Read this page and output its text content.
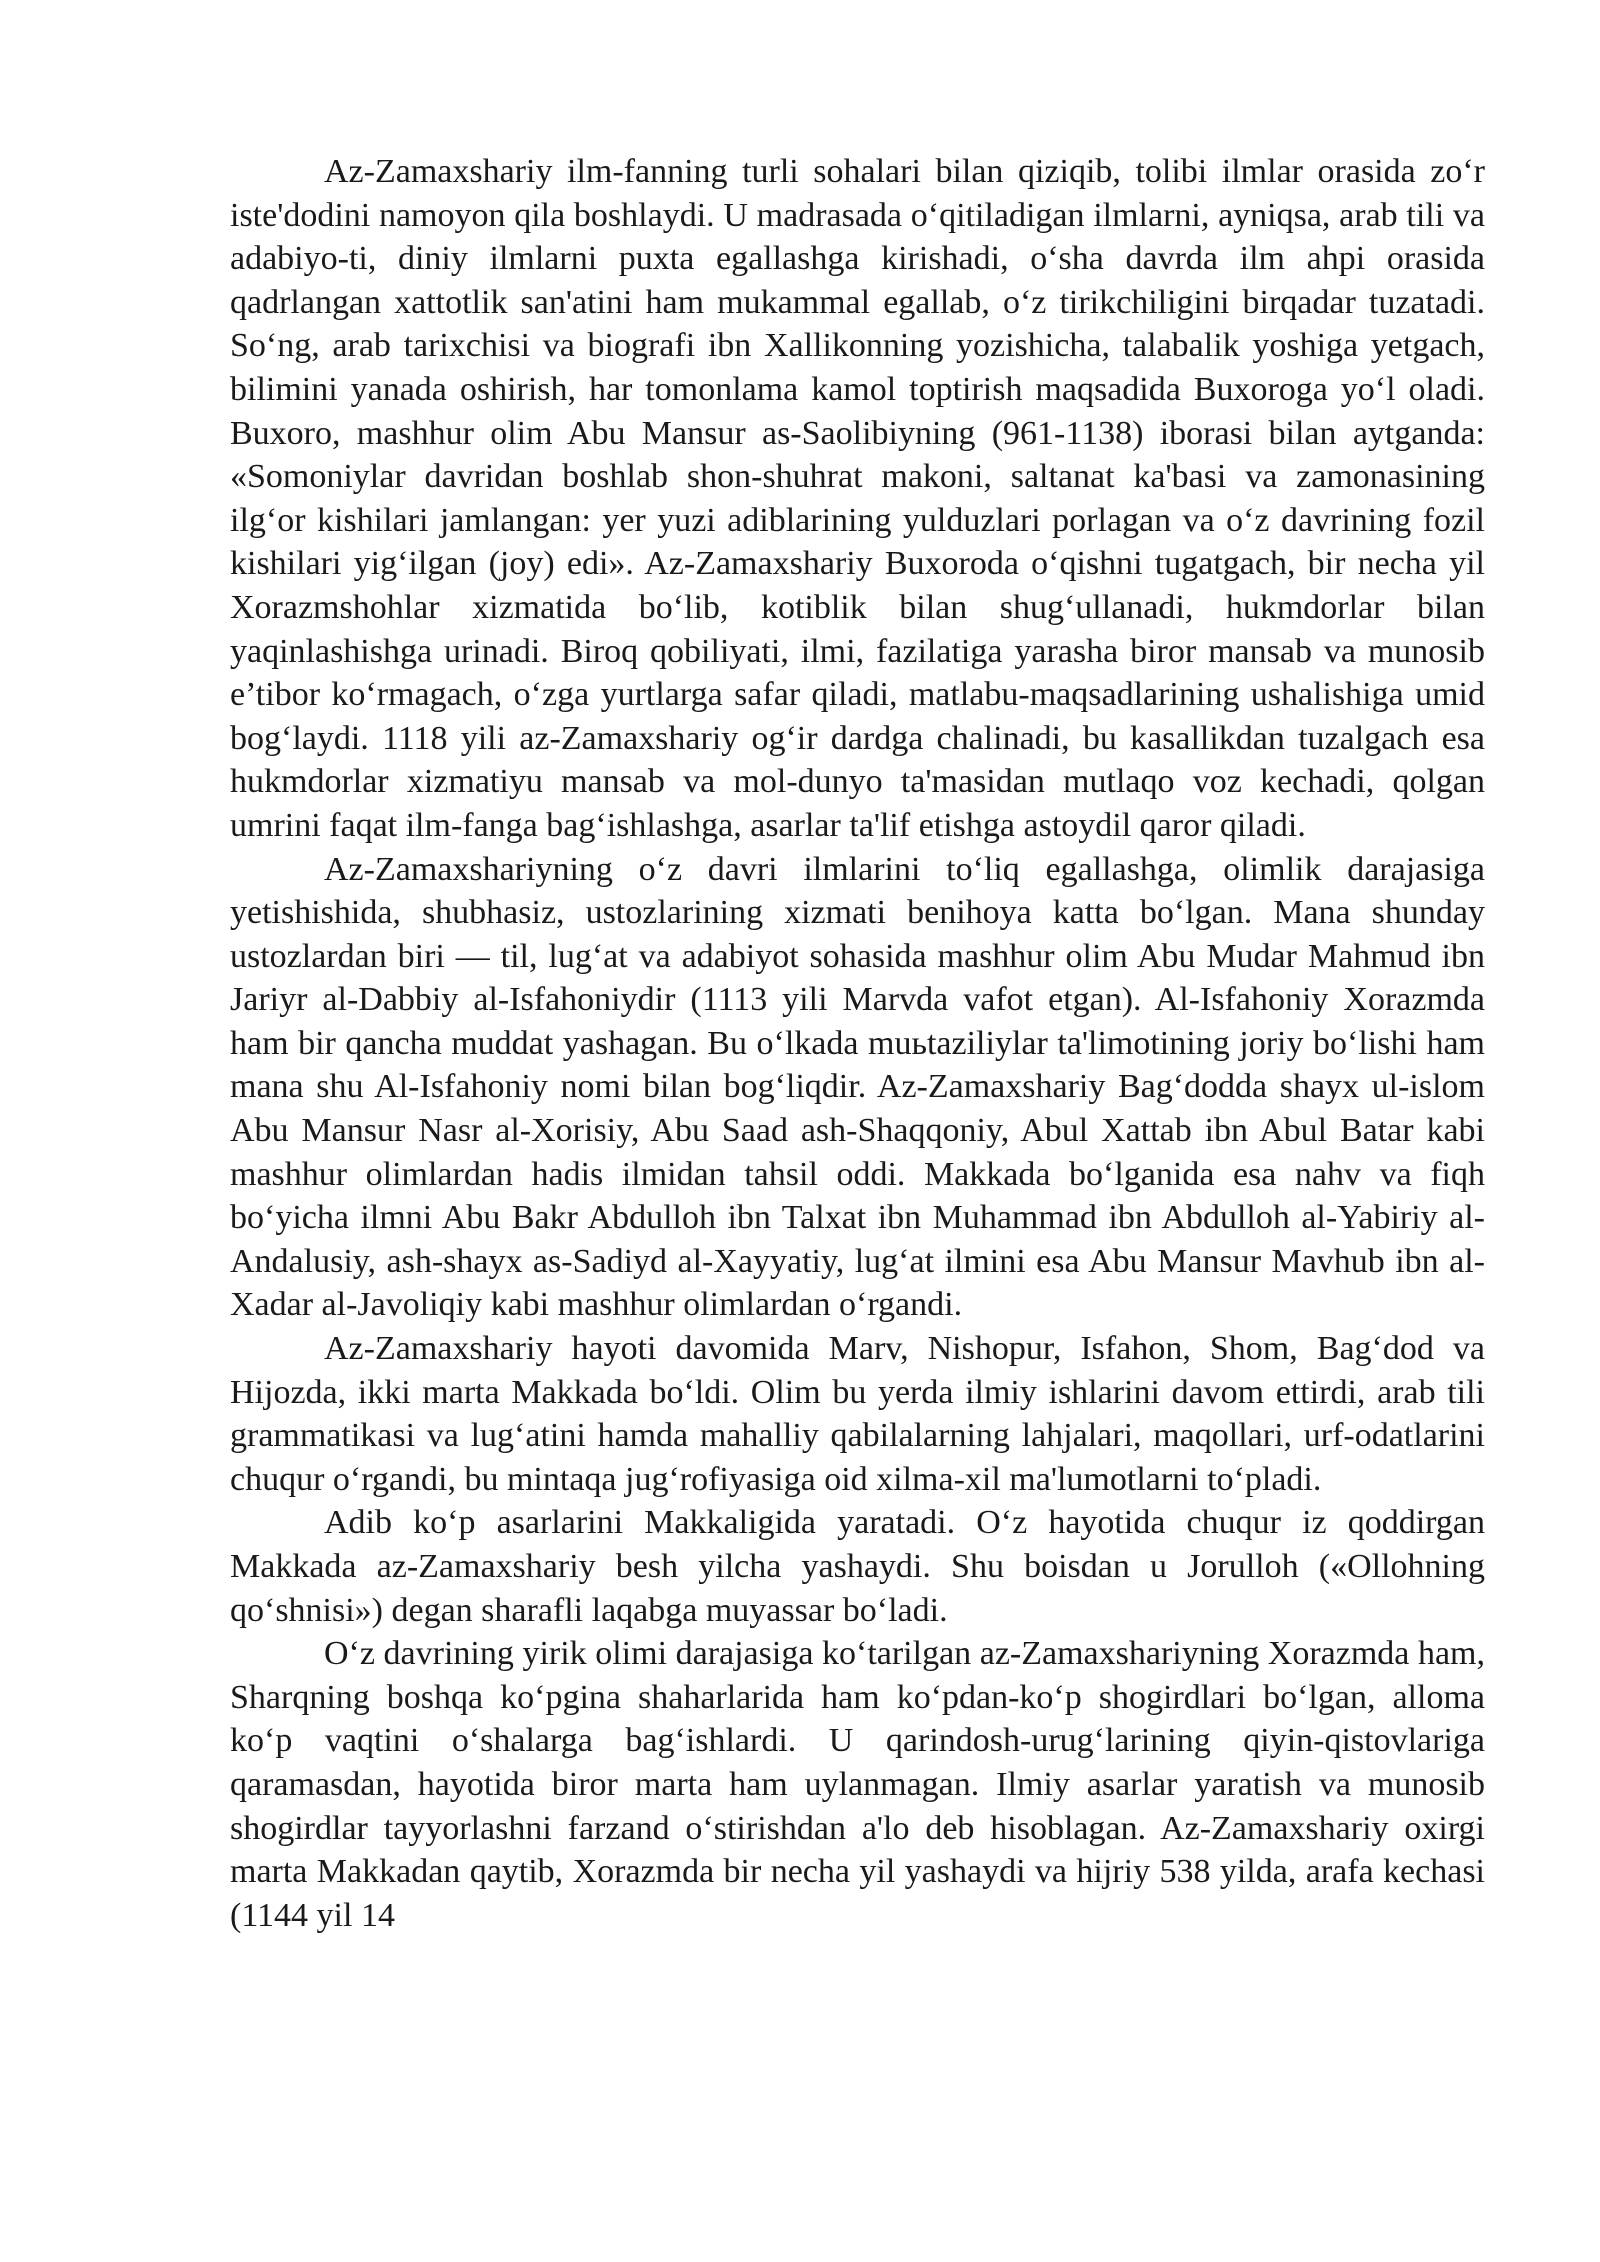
Az-Zamaxshariy ilm-fanning turli sohalari bilan qiziqib, tolibi ilmlar orasida zo‘r iste'dodini namoyon qila boshlaydi. U madrasada o‘qitiladigan ilmlarni, ayniqsa, arab tili va adabiyo-ti, diniy ilmlarni puxta egallashga kirishadi, o‘sha davrda ilm ahpi orasida qadrlangan xattotlik san'atini ham mukammal egallab, o‘z tirikchiligini birqadar tuzatadi. So‘ng, arab tarixchisi va biografi ibn Xallikonning yozishicha, talabalik yoshiga yetgach, bilimini yanada oshirish, har tomonlama kamol toptirish maqsadida Buxoroga yo‘l oladi. Buxoro, mashhur olim Abu Mansur as-Saolibiyning (961-1138) iborasi bilan aytganda: «Somoniylar davridan boshlab shon-shuhrat makoni, saltanat ka'basi va zamonasining ilg‘or kishilari jamlangan: yer yuzi adiblarining yulduzlari porlagan va o‘z davrining fozil kishilari yig‘ilgan (joy) edi». Az-Zamaxshariy Buxoroda o‘qishni tugatgach, bir necha yil Xorazmshohlar xizmatida bo‘lib, kotiblik bilan shug‘ullanadi, hukmdorlar bilan yaqinlashishga urinadi. Biroq qobiliyati, ilmi, fazilatiga yarasha biror mansab va munosib e’tibor ko‘rmagach, o‘zga yurtlarga safar qiladi, matlabu-maqsadlarining ushalishiga umid bog‘laydi. 1118 yili az-Zamaxshariy og‘ir dardga chalinadi, bu kasallikdan tuzalgach esa hukmdorlar xizmatiyu mansab va mol-dunyo ta'masidan mutlaqo voz kechadi, qolgan umrini faqat ilm-fanga bag‘ishlashga, asarlar ta'lif etishga astoydil qaror qiladi.

Az-Zamaxshariyning o‘z davri ilmlarini to‘liq egallashga, olimlik darajasiga yetishishida, shubhasiz, ustozlarining xizmati benihoya katta bo‘lgan. Mana shunday ustozlardan biri — til, lug‘at va adabiyot sohasida mashhur olim Abu Mudar Mahmud ibn Jariyr al-Dabbiy al-Isfahoniydir (1113 yili Marvda vafot etgan). Al-Isfahoniy Xorazmda ham bir qancha muddat yashagan. Bu o‘lkada muьtaziliylar ta'limotining joriy bo‘lishi ham mana shu Al-Isfahoniy nomi bilan bog‘liqdir. Az-Zamaxshariy Bag‘dodda shayx ul-islom Abu Mansur Nasr al-Xorisiy, Abu Saad ash-Shaqqoniy, Abul Xattab ibn Abul Batar kabi mashhur olimlardan hadis ilmidan tahsil oddi. Makkada bo‘lganida esa nahv va fiqh bo‘yicha ilmni Abu Bakr Abdulloh ibn Talxat ibn Muhammad ibn Abdulloh al-Yabiriy al-Andalusiy, ash-shayx as-Sadiyd al-Xayyatiy, lug‘at ilmini esa Abu Mansur Mavhub ibn al-Xadar al-Javoliqiy kabi mashhur olimlardan o‘rgandi.

Az-Zamaxshariy hayoti davomida Marv, Nishopur, Isfahon, Shom, Bag‘dod va Hijozda, ikki marta Makkada bo‘ldi. Olim bu yerda ilmiy ishlarini davom ettirdi, arab tili grammatikasi va lug‘atini hamda mahalliy qabilalarning lahjalari, maqollari, urf-odatlarini chuqur o‘rgandi, bu mintaqa jug‘rofiyasiga oid xilma-xil ma'lumotlarni to‘pladi.

Adib ko‘p asarlarini Makkaligida yaratadi. O‘z hayotida chuqur iz qoddirgan Makkada az-Zamaxshariy besh yilcha yashaydi. Shu boisdan u Jorulloh («Ollohning qo‘shnisi») degan sharafli laqabga muyassar bo‘ladi.

O‘z davrining yirik olimi darajasiga ko‘tarilgan az-Zamaxshariyning Xorazmda ham, Sharqning boshqa ko‘pgina shaharlarida ham ko‘pdan-ko‘p shogirdlari bo‘lgan, alloma ko‘p vaqtini o‘shalarga bag‘ishlardi. U qarindosh-urug‘larining qiyin-qistovlariga qaramasdan, hayotida biror marta ham uylanmagan. Ilmiy asarlar yaratish va munosib shogirdlar tayyorlashni farzand o‘stirishdan a'lo deb hisoblagan. Az-Zamaxshariy oxirgi marta Makkadan qaytib, Xorazmda bir necha yil yashaydi va hijriy 538 yilda, arafa kechasi (1144 yil 14
